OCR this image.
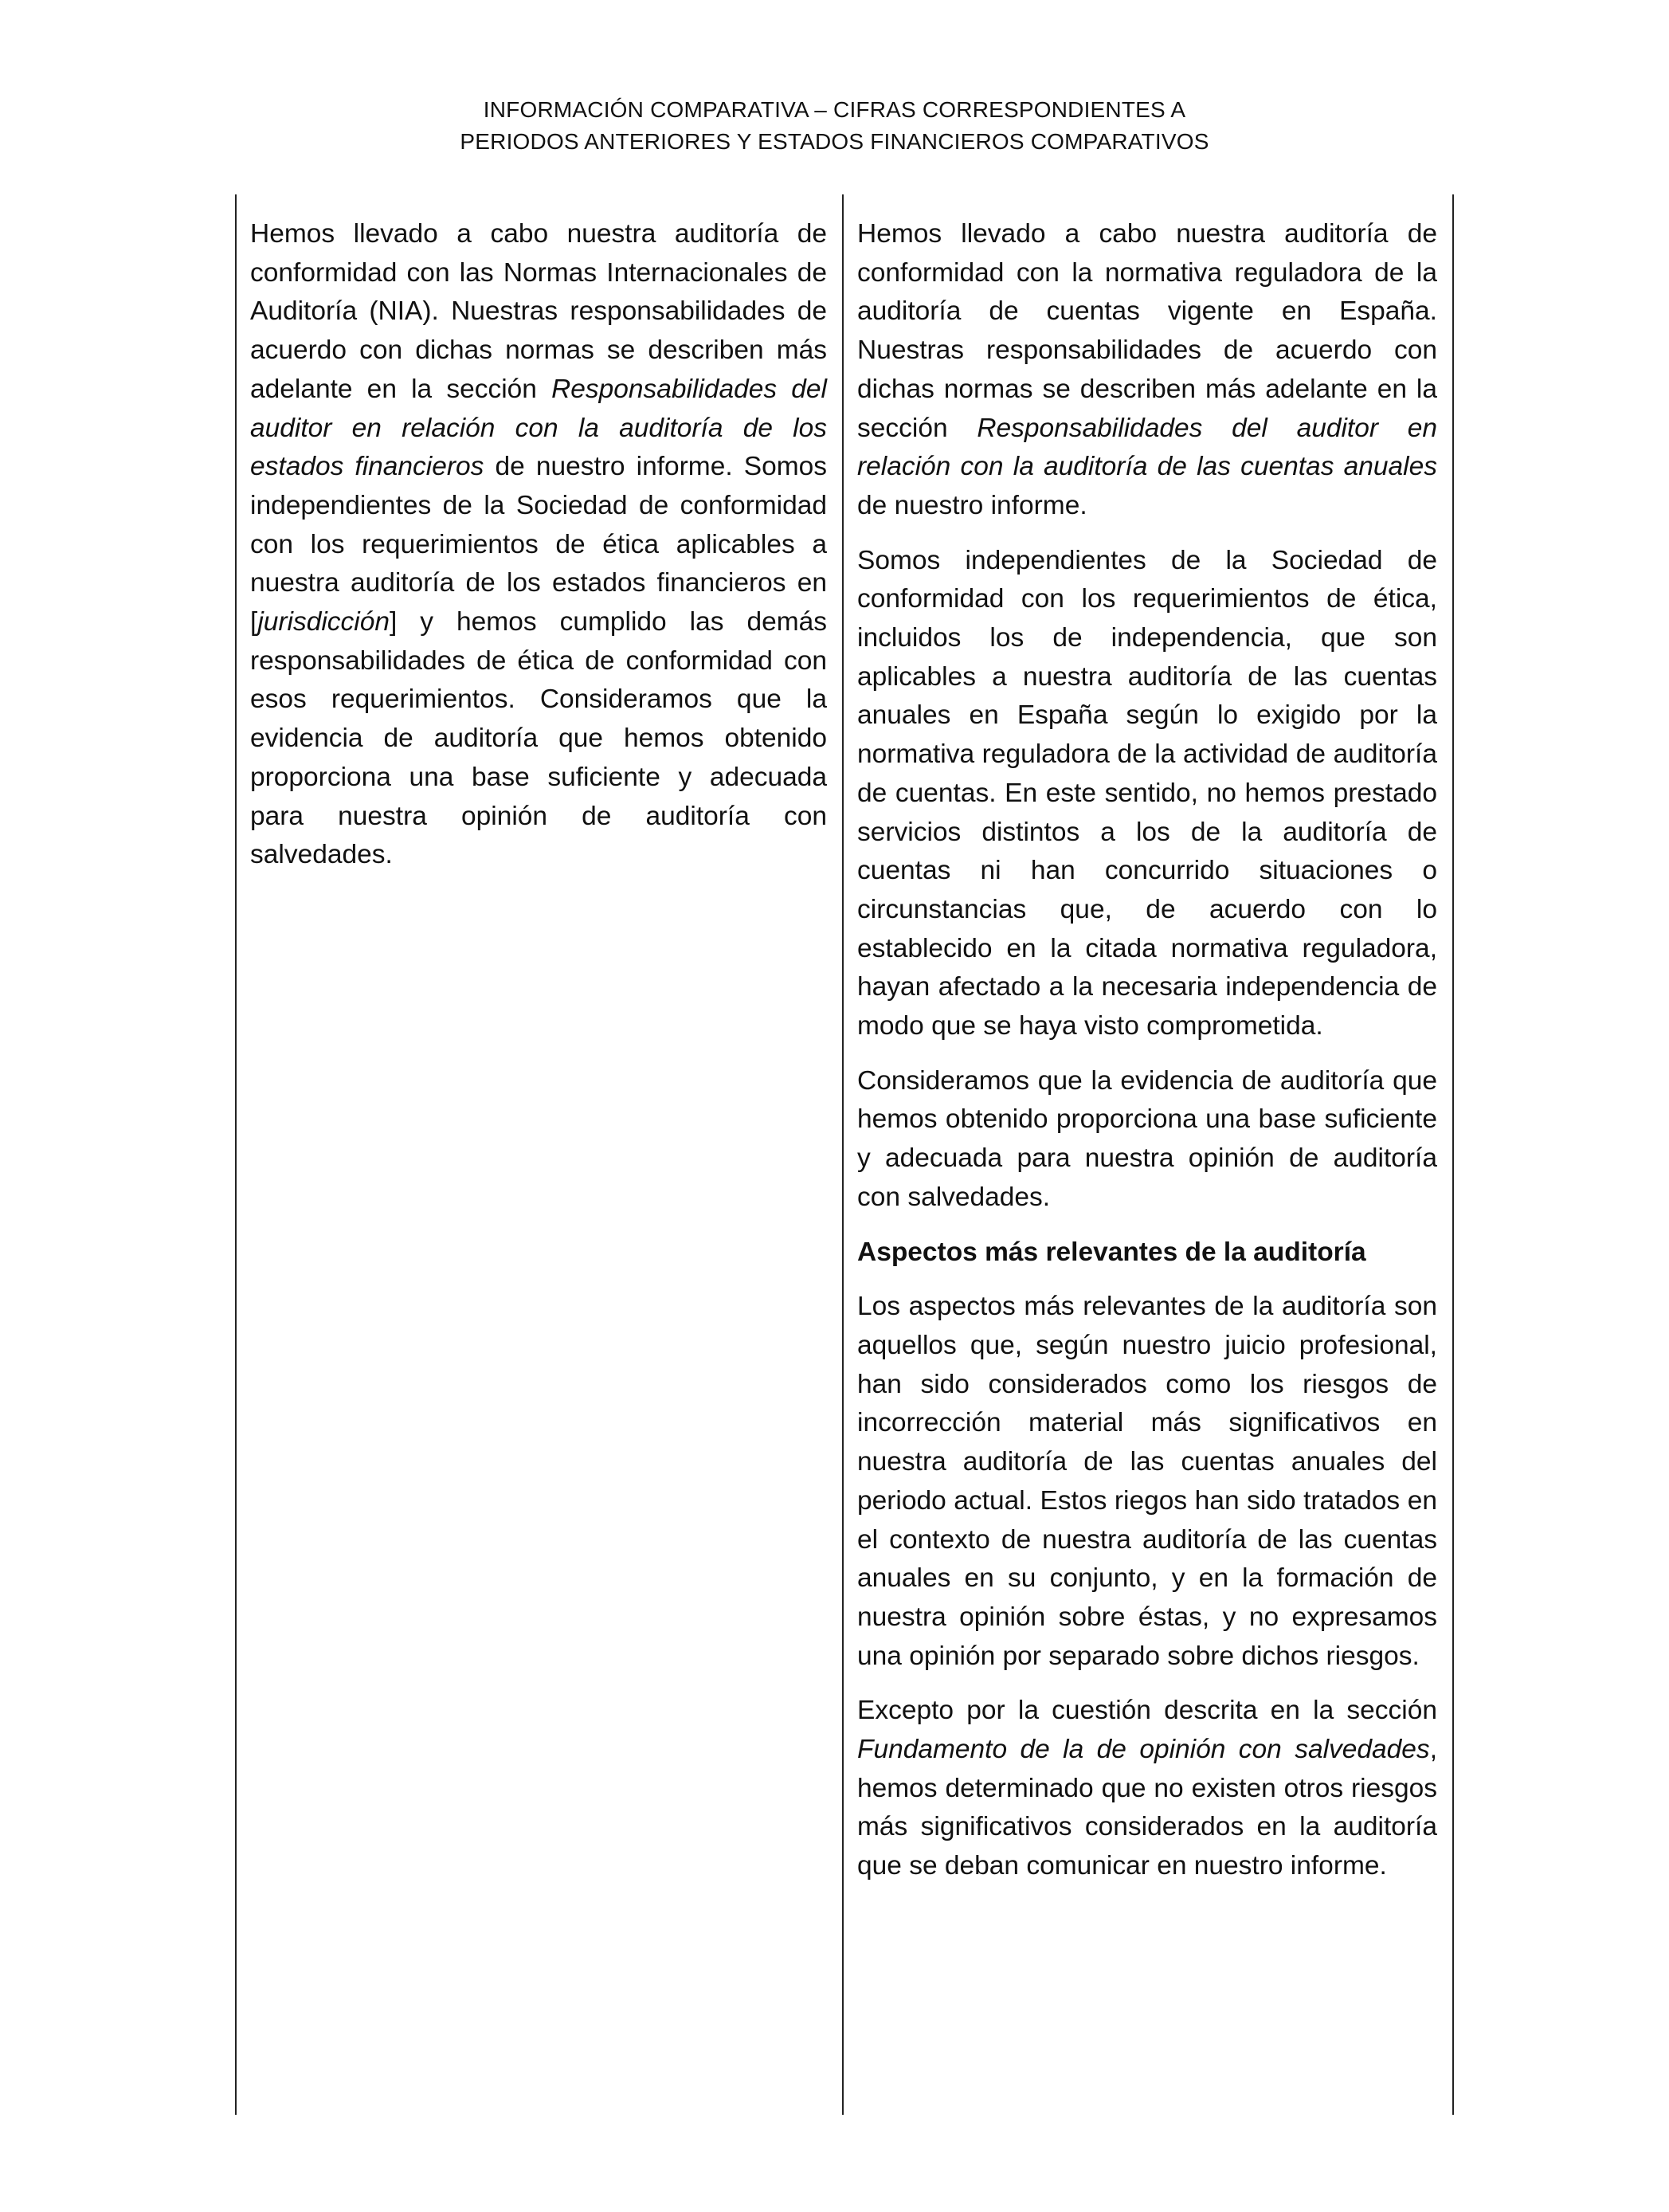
INFORMACIÓN COMPARATIVA – CIFRAS CORRESPONDIENTES A
PERIODOS ANTERIORES Y ESTADOS FINANCIEROS COMPARATIVOS

Hemos llevado a cabo nuestra auditoría de conformidad con las Normas Internacionales de Auditoría (NIA). Nuestras responsabilidades de acuerdo con dichas normas se describen más adelante en la sección Responsabilidades del auditor en relación con la auditoría de los estados financieros de nuestro informe. Somos independientes de la Sociedad de conformidad con los requerimientos de ética aplicables a nuestra auditoría de los estados financieros en [jurisdicción] y hemos cumplido las demás responsabilidades de ética de conformidad con esos requerimientos. Consideramos que la evidencia de auditoría que hemos obtenido proporciona una base suficiente y adecuada para nuestra opinión de auditoría con salvedades.

Hemos llevado a cabo nuestra auditoría de conformidad con la normativa reguladora de la auditoría de cuentas vigente en España. Nuestras responsabilidades de acuerdo con dichas normas se describen más adelante en la sección Responsabilidades del auditor en relación con la auditoría de las cuentas anuales de nuestro informe.

Somos independientes de la Sociedad de conformidad con los requerimientos de ética, incluidos los de independencia, que son aplicables a nuestra auditoría de las cuentas anuales en España según lo exigido por la normativa reguladora de la actividad de auditoría de cuentas. En este sentido, no hemos prestado servicios distintos a los de la auditoría de cuentas ni han concurrido situaciones o circunstancias que, de acuerdo con lo establecido en la citada normativa reguladora, hayan afectado a la necesaria independencia de modo que se haya visto comprometida.

Consideramos que la evidencia de auditoría que hemos obtenido proporciona una base suficiente y adecuada para nuestra opinión de auditoría con salvedades.

Aspectos más relevantes de la auditoría

Los aspectos más relevantes de la auditoría son aquellos que, según nuestro juicio profesional, han sido considerados como los riesgos de incorrección material más significativos en nuestra auditoría de las cuentas anuales del periodo actual. Estos riegos han sido tratados en el contexto de nuestra auditoría de las cuentas anuales en su conjunto, y en la formación de nuestra opinión sobre éstas, y no expresamos una opinión por separado sobre dichos riesgos.

Excepto por la cuestión descrita en la sección Fundamento de la de opinión con salvedades, hemos determinado que no existen otros riesgos más significativos considerados en la auditoría que se deban comunicar en nuestro informe.
